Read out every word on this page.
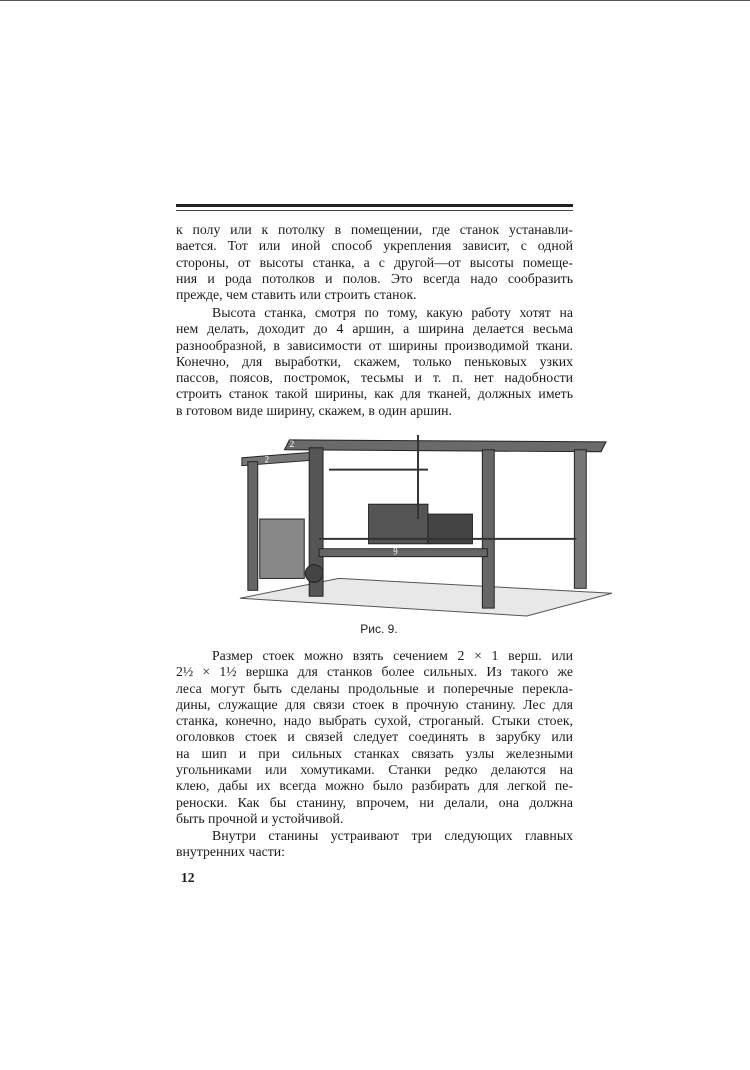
к полу или к потолку в помещении, где станок устанавли-
вается. Тот или иной способ укрепления зависит, с одной
стороны, от высоты станка, а с другой—от высоты помеще-
ния и рода потолков и полов. Это всегда надо сообразить
прежде, чем ставить или строить станок.
Высота станка, смотря по тому, какую работу хотят на
нем делать, доходит до 4 аршин, а ширина делается весьма
разнообразной, в зависимости от ширины производимой ткани.
Конечно, для выработки, скажем, только пеньковых узких
пассов, поясов, постромок, тесьмы и т. п. нет надобности
строить станок такой ширины, как для тканей, должных иметь
в готовом виде ширину, скажем, в один аршин.
Размер стоек можно взять сечением 2 × 1 верш. или
2½ × 1½ вершка для станков более сильных. Из такого же
леса могут быть сделаны продольные и поперечные перекла-
дины, служащие для связи стоек в прочную станину. Лес для
станка, конечно, надо выбрать сухой, строганый. Стыки стоек,
оголовков стоек и связей следует соединять в зарубку или
на шип и при сильных станках связать узлы железными
угольниками или хомутиками. Станки редко делаются на
клею, дабы их всегда можно было разбирать для легкой пе-
реноски. Как бы станину, впрочем, ни делали, она должна
быть прочной и устойчивой.
Внутри станины устраивают три следующих главных
внутренних части:
2
2
9
Рис. 9.
12
